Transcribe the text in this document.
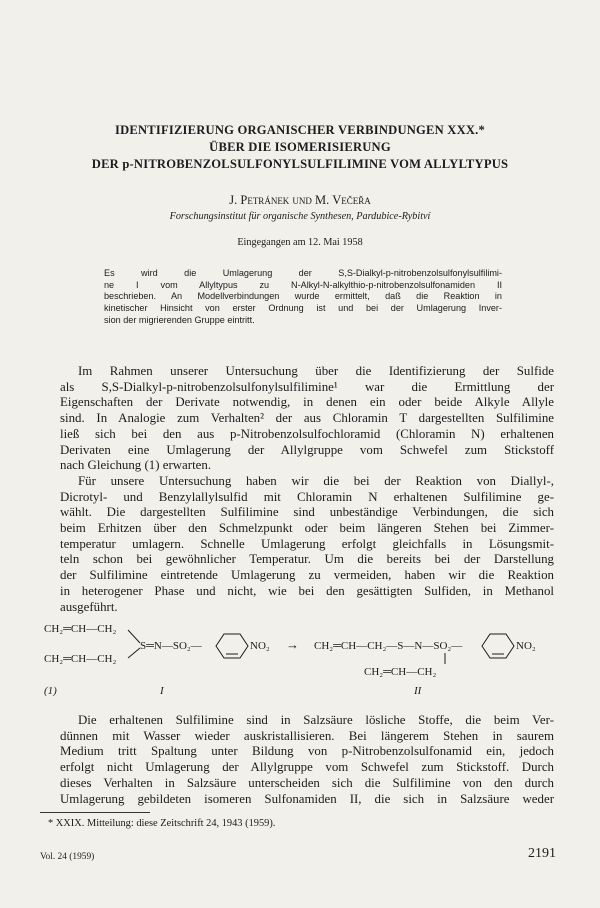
IDENTIFIZIERUNG ORGANISCHER VERBINDUNGEN XXX.*
ÜBER DIE ISOMERISIERUNG
DER p-NITROBENZOLSULFONYLSULFILIMINE VOM ALLYLTYPUS
J. Petránek und M. Večeřa
Forschungsinstitut für organische Synthesen, Pardubice-Rybitví
Eingegangen am 12. Mai 1958
Es wird die Umlagerung der S,S-Dialkyl-p-nitrobenzolsulfonylsulfilimi-
ne I vom Allyltypus zu N-Alkyl-N-alkylthio-p-nitrobenzolsulfonamiden II
beschrieben. An Modellverbindungen wurde ermittelt, daß die Reaktion in
kinetischer Hinsicht von erster Ordnung ist und bei der Umlagerung Inver-
sion der migrierenden Gruppe eintritt.
Im Rahmen unserer Untersuchung über die Identifizierung der Sulfide
als S,S-Dialkyl-p-nitrobenzolsulfonylsulfilimine¹ war die Ermittlung der
Eigenschaften der Derivate notwendig, in denen ein oder beide Alkyle Allyle
sind. In Analogie zum Verhalten² der aus Chloramin T dargestellten Sulfilimine
ließ sich bei den aus p-Nitrobenzolsulfochloramid (Chloramin N) erhaltenen
Derivaten eine Umlagerung der Allylgruppe vom Schwefel zum Stickstoff
nach Gleichung (1) erwarten.
Für unsere Untersuchung haben wir die bei der Reaktion von Diallyl-,
Dicrotyl- und Benzylallylsulfid mit Chloramin N erhaltenen Sulfilimine ge-
wählt. Die dargestellten Sulfilimine sind unbeständige Verbindungen, die sich
beim Erhitzen über den Schmelzpunkt oder beim längeren Stehen bei Zimmer-
temperatur umlagern. Schnelle Umlagerung erfolgt gleichfalls in Lösungsmit-
teln schon bei gewöhnlicher Temperatur. Um die bereits bei der Darstellung
der Sulfilimine eintretende Umlagerung zu vermeiden, haben wir die Reaktion
in heterogener Phase und nicht, wie bei den gesättigten Sulfiden, in Methanol
ausgeführt.
CH₂═CH—CH₂
CH₂═CH—CH₂
S═N—SO₂—	NO₂ → CH₂═CH—CH₂—S—N—SO₂—
CH₂═CH—CH₂
NO₂
(1)	I	II
Die erhaltenen Sulfilimine sind in Salzsäure lösliche Stoffe, die beim Ver-
dünnen mit Wasser wieder auskristallisieren. Bei längerem Stehen in saurem
Medium tritt Spaltung unter Bildung von p-Nitrobenzolsulfonamid ein, jedoch
erfolgt nicht Umlagerung der Allylgruppe vom Schwefel zum Stickstoff. Durch
dieses Verhalten in Salzsäure unterscheiden sich die Sulfilimine von den durch
Umlagerung gebildeten isomeren Sulfonamiden II, die sich in Salzsäure weder
* XXIX. Mitteilung: diese Zeitschrift 24, 1943 (1959).
Vol. 24 (1959)	2191
